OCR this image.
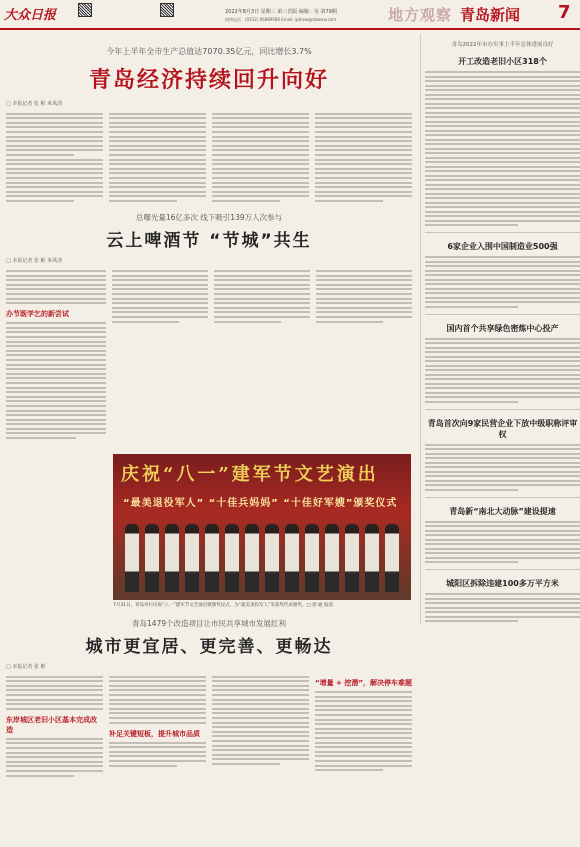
大众日报	2022年8月3日 星期三 第三省版 编辑：吴 第79期
热线电话：(0532) 66889988 Email: qdnew@dzwww.com	地方观察 青岛新闻 7
今年上半年全市生产总值达7070.35亿元，同比增长3.7%
青岛经济持续回升向好
□ 本报记者 张 彬 米凤清
总曝光量16亿多次 线下吸引139万人次参与
云上啤酒节 “节城”共生
□ 本报记者 张 彬 米凤清
办节既学乞的新尝试
庆祝“八一”建军节文艺演出
“最美退役军人” “十佳兵妈妈” “十佳好军嫂”颁奖仪式
7月31日，青岛举行庆祝“八一”建军节文艺演出暨颁奖仪式，为“最美退役军人”等获奖代表颁奖。□ 徐 通 报道
青岛1479个改造项目让市民共享城市发展红利
城市更宜居、更完善、更畅达
□ 本报记者 张 彬
东岸城区老旧小区基本完成改造	补足关键短板，提升城市品质
“增量 + 挖潜”，解决停车难题
青岛2022年市办实事上半年总体进展良好
开工改造老旧小区318个
6家企业入围中国制造业500强
国内首个共享绿色密炼中心投产
青岛首次向9家民营企业下放中级职称评审权
青岛新“南北大动脉”建设提速
城阳区拆除违建100多万平方米
